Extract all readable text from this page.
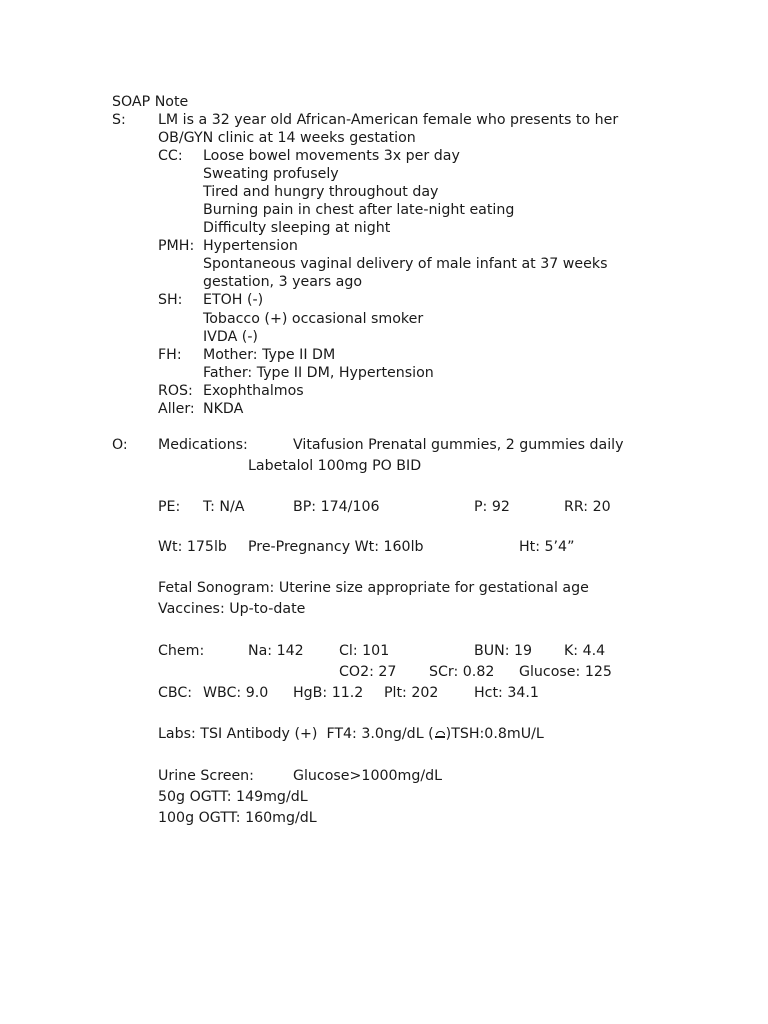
SOAP Note
S: LM is a 32 year old African-American female who presents to her
OB/GYN clinic at 14 weeks gestation
CC: Loose bowel movements 3x per day
Sweating profusely
Tired and hungry throughout day
Burning pain in chest after late-night eating
Difficulty sleeping at night
PMH: Hypertension
Spontaneous vaginal delivery of male infant at 37 weeks
gestation, 3 years ago
SH: ETOH (-)
Tobacco (+) occasional smoker
IVDA (-)
FH: Mother: Type II DM
Father: Type II DM, Hypertension
ROS: Exophthalmos
Aller: NKDA
O: Medications:	Vitafusion Prenatal gummies, 2 gummies daily
Labetalol 100mg PO BID
PE: T: N/A	BP: 174/106	P: 92	RR: 20
Wt: 175lb Pre-Pregnancy Wt: 160lb	Ht: 5’4”
Fetal Sonogram: Uterine size appropriate for gestational age
Vaccines: Up-to-date
Chem:	Na: 142 Cl: 101	BUN: 19 K: 4.4
CO2: 27 SCr: 0.82 Glucose: 125
CBC: WBC: 9.0 HgB: 11.2 Plt: 202	Hct: 34.1
Labs: TSI Antibody (+) FT4: 3.0ng/dL ( )TSH:0.8mU/L
Urine Screen:	Glucose>1000mg/dL
50g OGTT: 149mg/dL
100g OGTT: 160mg/dL
